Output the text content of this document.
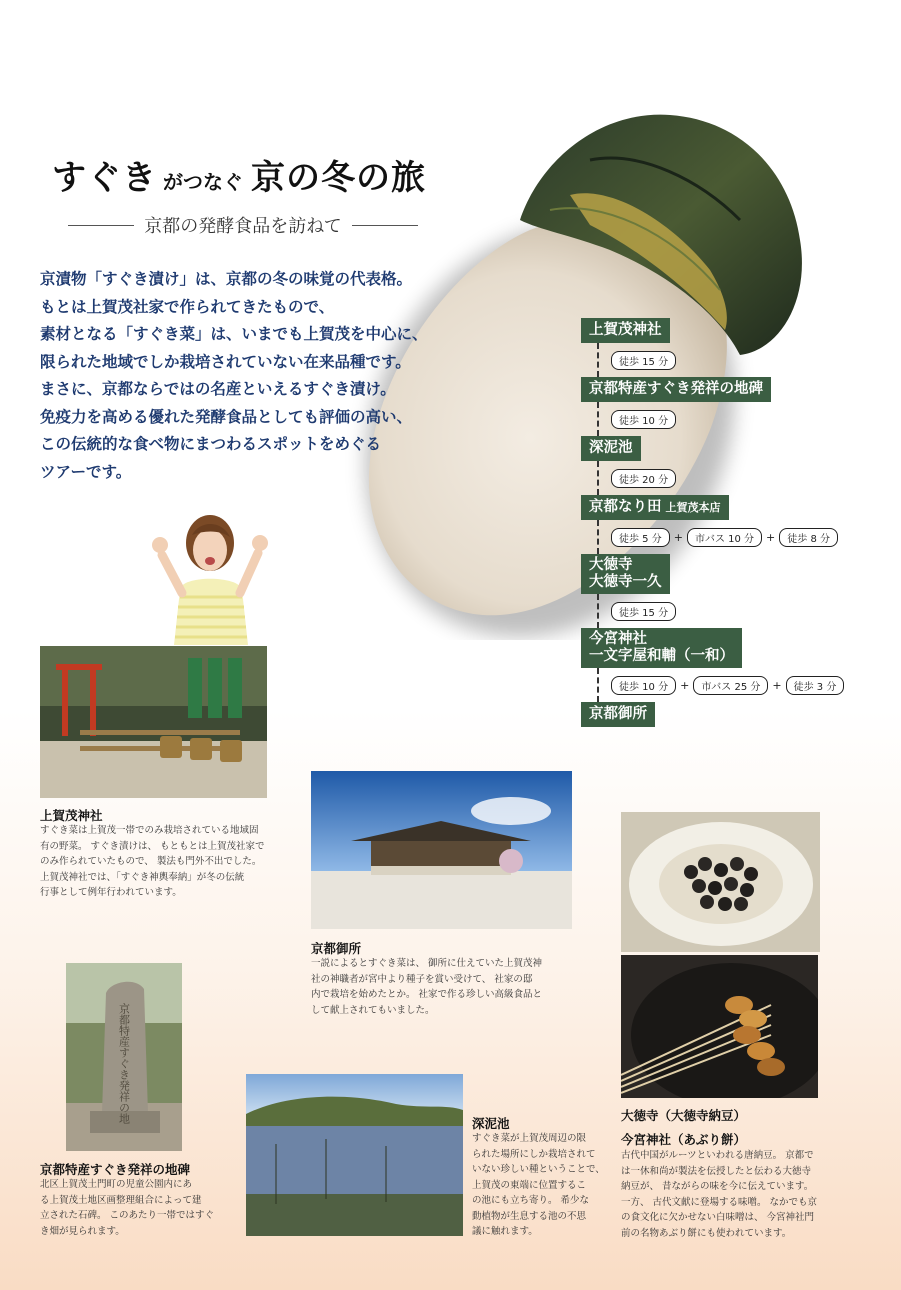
すぐき がつなぐ 京の冬の旅
京都の発酵食品を訪ねて

京漬物「すぐき漬け」は、京都の冬の味覚の代表格。

もとは上賀茂社家で作られてきたもので、

素材となる「すぐき菜」は、いまでも上賀茂を中心に、

限られた地域でしか栽培されていない在来品種です。

まさに、京都ならではの名産といえるすぐき漬け。

免疫力を高める優れた発酵食品としても評価の高い、

この伝統的な食べ物にまつわるスポットをめぐる

ツアーです。

上賀茂神社
徒歩 15 分
京都特産すぐき発祥の地碑
徒歩 10 分
深泥池
徒歩 20 分
京都なり田 上賀茂本店
徒歩 5 分	+	市バス 10 分	+	徒歩 8 分
大徳寺
大徳寺一久
徒歩 15 分
今宮神社
一文字屋和輔（一和）
徒歩 10 分	+	市バス 25 分	+	徒歩 3 分
京都御所
上賀茂神社

すぐき菜は上賀茂一帯でのみ栽培されている地域固

有の野菜。 すぐき漬けは、 もともとは上賀茂社家で

のみ作られていたもので、 製法も門外不出でした。

上賀茂神社では、「すぐき神輿奉納」が冬の伝統

行事として例年行われています。

京都御所

一説によるとすぐき菜は、 御所に仕えていた上賀茂神

社の神職者が宮中より種子を賞い受けて、 社家の邸

内で栽培を始めたとか。 社家で作る珍しい高級食品と

して献上されてもいました。

大徳寺（大徳寺納豆）
今宮神社（あぶり餅）

古代中国がルーツといわれる唐納豆。 京都で

は一休和尚が製法を伝授したと伝わる大徳寺

納豆が、 昔ながらの味を今に伝えています。

一方、 古代文献に登場する味噌。 なかでも京

の食文化に欠かせない白味噌は、 今宮神社門

前の名物あぶり餅にも使われています。

京都特産すぐき発祥の地
京都特産すぐき発祥の地碑

北区上賀茂土門町の児童公園内にあ

る上賀茂土地区画整理組合によって建

立された石碑。 このあたり一帯ではすぐ

き畑が見られます。

深泥池

すぐき菜が上賀茂周辺の限

られた場所にしか栽培されて

いない珍しい種ということで、

上賀茂の東端に位置するこ

の池にも立ち寄り。 希少な

動植物が生息する池の不思

議に触れます。
